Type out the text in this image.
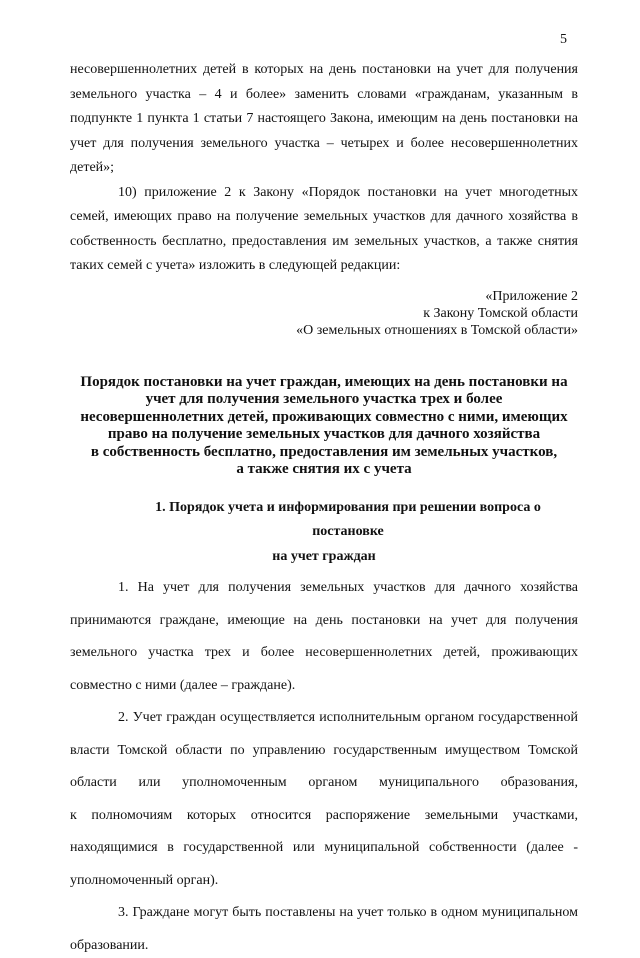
5

несовершеннолетних детей в которых на день постановки на учет для получения

земельного участка – 4 и более» заменить словами «гражданам, указанным в

подпункте 1 пункта 1 статьи 7 настоящего Закона, имеющим на день постановки на

учет для получения земельного участка – четырех и более несовершеннолетних

детей»;

10) приложение 2 к Закону «Порядок постановки на учет многодетных

семей, имеющих право на получение земельных участков для дачного хозяйства в

собственность бесплатно, предоставления им земельных участков, а также снятия

таких семей с учета» изложить в следующей редакции:

«Приложение 2
к Закону Томской области
«О земельных отношениях в Томской области»
Порядок постановки на учет граждан, имеющих на день постановки на
учет для получения земельного участка трех и более
несовершеннолетних детей, проживающих совместно с ними, имеющих
право на получение земельных участков для дачного хозяйства
в собственность бесплатно, предоставления им земельных участков,
а также снятия их с учета
1. Порядок учета и информирования при решении вопроса о постановке
на учет граждан

1. На учет для получения земельных участков для дачного хозяйства

принимаются граждане, имеющие на день постановки на учет для получения

земельного участка трех и более несовершеннолетних детей, проживающих

совместно с ними (далее – граждане).

2. Учет граждан осуществляется исполнительным органом государственной

власти Томской области по управлению государственным имуществом Томской

области или уполномоченным органом муниципального образования,

к полномочиям которых относится распоряжение земельными участками,

находящимися в государственной или муниципальной собственности (далее -

уполномоченный орган).

3. Граждане могут быть поставлены на учет только в одном муниципальном

образовании.
